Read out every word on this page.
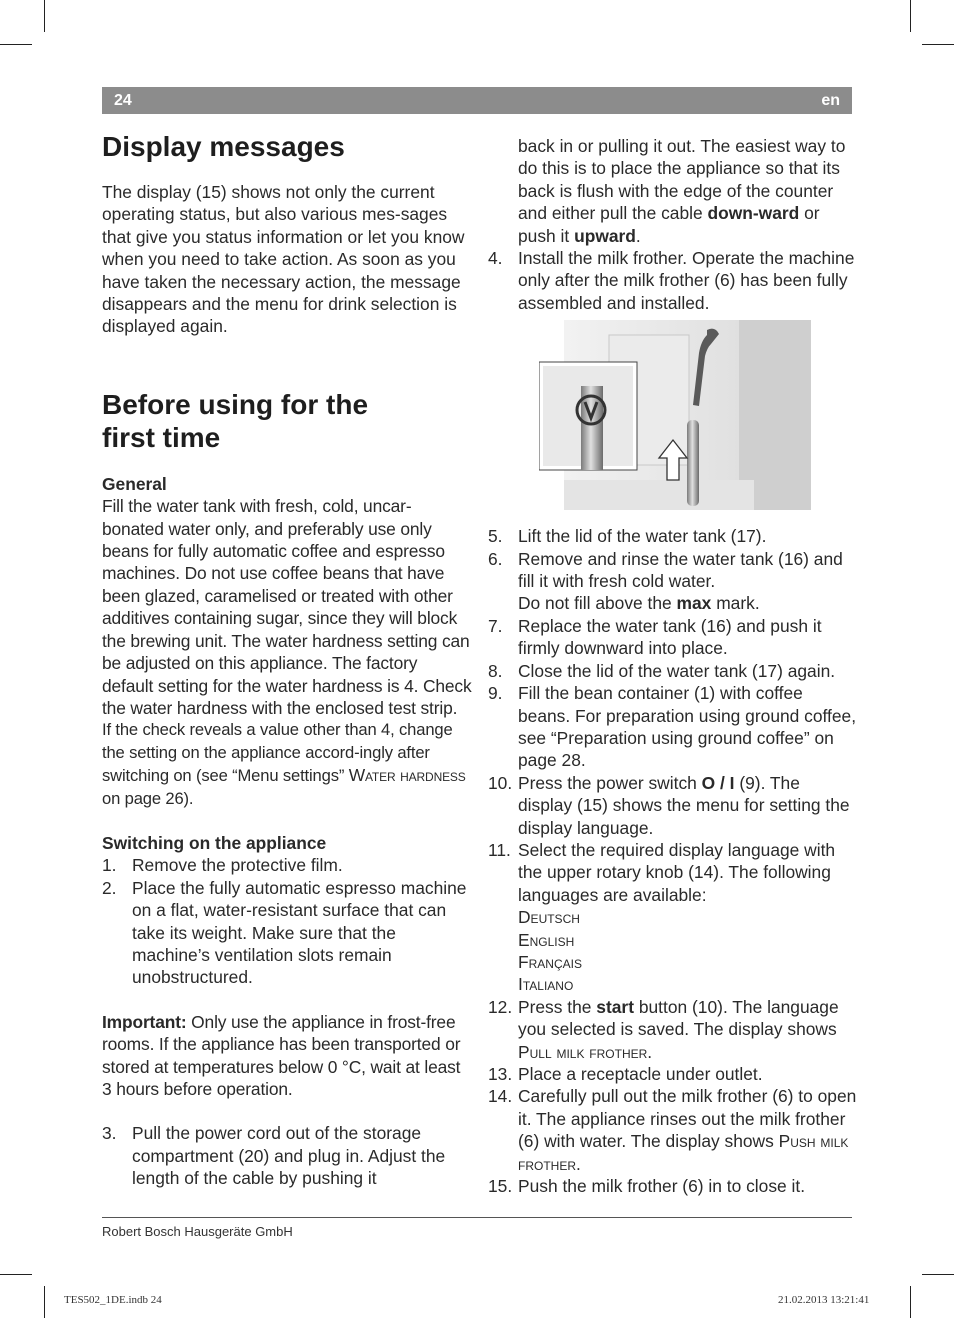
24	en
Display messages

The display (15) shows not only the current operating status, but also various mes-sages that give you status information or let you know when you need to take action. As soon as you have taken the necessary action, the message disappears and the menu for drink selection is displayed again.

Before using for the
first time

General

Fill the water tank with fresh, cold, uncar-bonated water only, and preferably use only beans for fully automatic coffee and espresso machines. Do not use coffee beans that have been glazed, caramelised or treated with other additives containing sugar, since they will block the brewing unit. The water hardness setting can be adjusted on this appliance. The factory default setting for the water hardness is 4. Check the water hardness with the enclosed test strip.

If the check reveals a value other than 4, change the setting on the appliance accord-ingly after switching on (see “Menu settings” Water hardness on page 26).

Switching on the appliance

1. Remove the protective film.
2. Place the fully automatic espresso machine on a flat, water-resistant surface that can take its weight. Make sure that the machine’s ventilation slots remain unobstructured.

Important: Only use the appliance in frost-free rooms. If the appliance has been transported or stored at temperatures below 0 °C, wait at least 3 hours before operation.

3. Pull the power cord out of the storage compartment (20) and plug in. Adjust the length of the cable by pushing it

back in or pulling it out. The easiest way to do this is to place the appliance so that its back is flush with the edge of the counter and either pull the cable down-ward or push it upward.

4. Install the milk frother. Operate the machine only after the milk frother (6) has been fully assembled and installed.
5. Lift the lid of the water tank (17).
6. Remove and rinse the water tank (16) and fill it with fresh cold water.
Do not fill above the max mark.
7. Replace the water tank (16) and push it firmly downward into place.
8. Close the lid of the water tank (17) again.
9. Fill the bean container (1) with coffee beans. For preparation using ground coffee, see “Preparation using ground coffee” on page 28.
10. Press the power switch O / I (9). The display (15) shows the menu for setting the display language.
11. Select the required display language with the upper rotary knob (14). The following languages are available:
Deutsch
English
Français
Italiano
12. Press the start button (10). The language you selected is saved. The display shows Pull milk frother.
13. Place a receptacle under outlet.
14. Carefully pull out the milk frother (6) to open it. The appliance rinses out the milk frother (6) with water. The display shows Push milk frother.
15. Push the milk frother (6) in to close it.
Robert Bosch Hausgeräte GmbH
TES502_1DE.indb 24	21.02.2013 13:21:41
